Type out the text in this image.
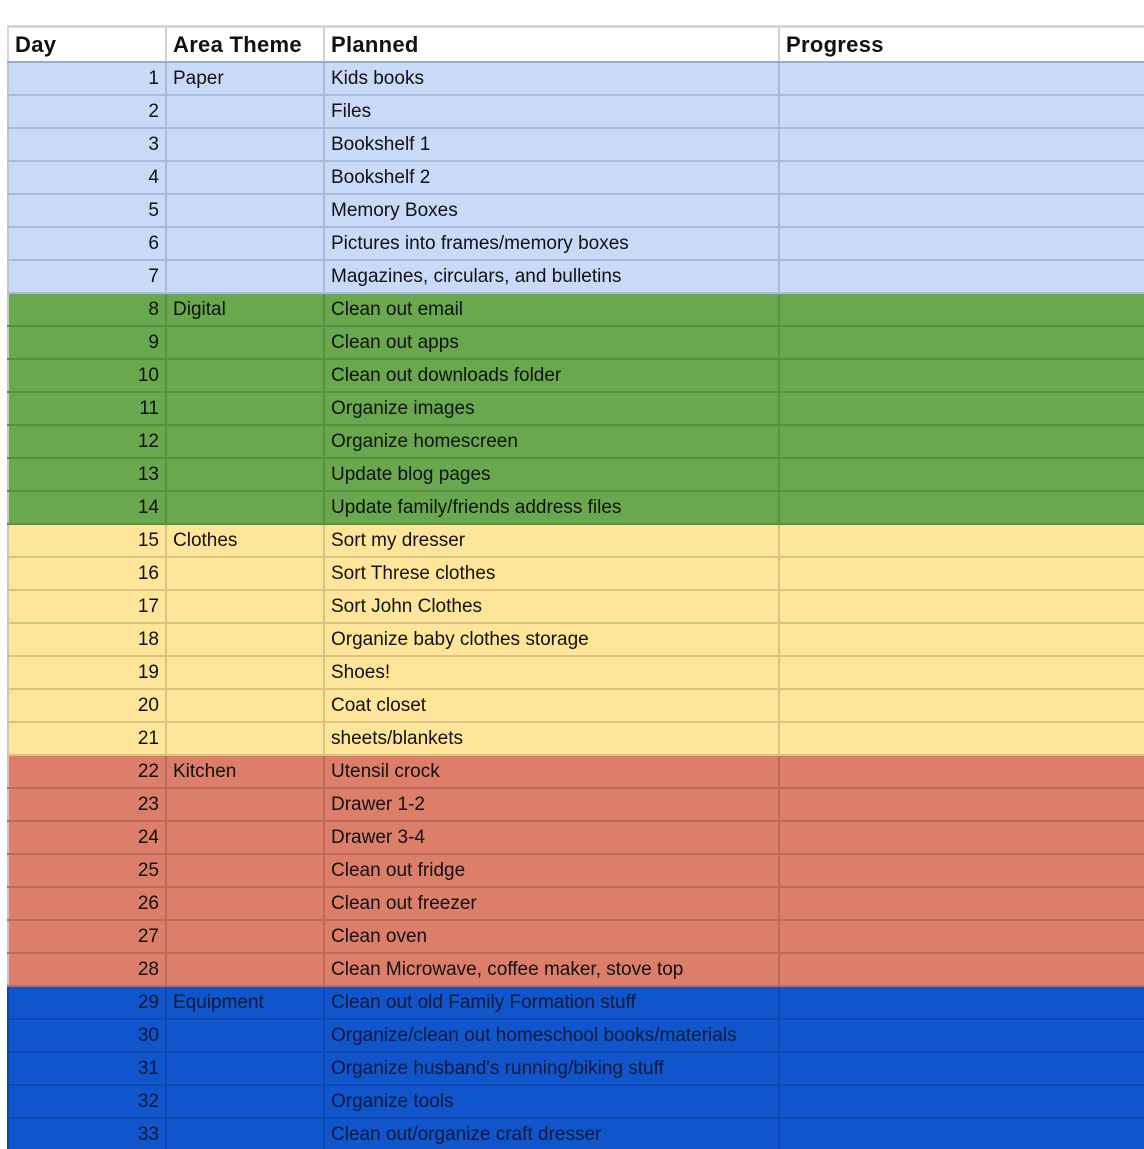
Day	Area Theme	Planned	Progress
1	Paper	Kids books	
2		Files	
3		Bookshelf 1	
4		Bookshelf 2	
5		Memory Boxes	
6		Pictures into frames/memory boxes	
7		Magazines, circulars, and bulletins	
8	Digital	Clean out email	
9		Clean out apps	
10		Clean out downloads folder	
11		Organize images	
12		Organize homescreen	
13		Update blog pages	
14		Update family/friends address files	
15	Clothes	Sort my dresser	
16		Sort Threse clothes	
17		Sort John Clothes	
18		Organize baby clothes storage	
19		Shoes!	
20		Coat closet	
21		sheets/blankets	
22	Kitchen	Utensil crock	
23		Drawer 1-2	
24		Drawer 3-4	
25		Clean out fridge	
26		Clean out freezer	
27		Clean oven	
28		Clean Microwave, coffee maker, stove top	
29	Equipment	Clean out old Family Formation stuff	
30		Organize/clean out homeschool books/materials	
31		Organize husband's running/biking stuff	
32		Organize tools	
33		Clean out/organize craft dresser	
